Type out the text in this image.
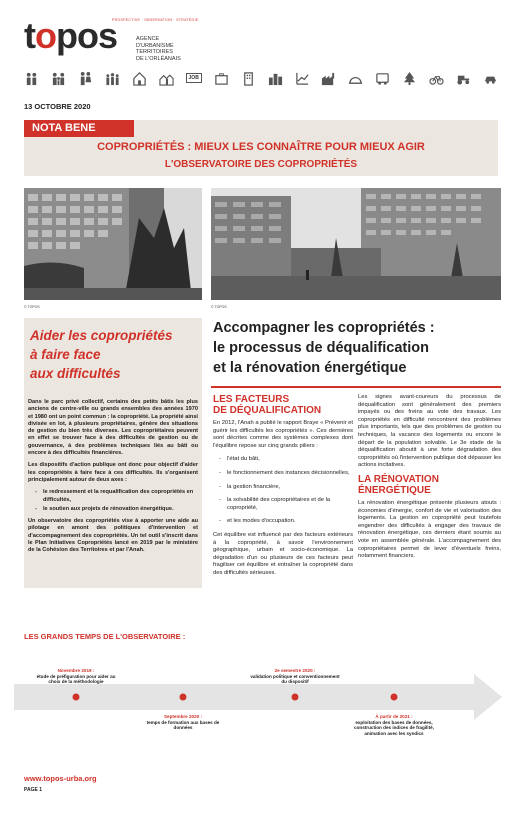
topos
PROSPECTIVE · OBSERVATION · STRATÉGIE
AGENCE
D'URBANISME
TERRITOIRES
DE L'ORLÉANAIS
JOB
13 OCTOBRE 2020
NOTA BENE
COPROPRIÉTÉS : MIEUX LES CONNAÎTRE POUR MIEUX AGIR
L'OBSERVATOIRE DES COPROPRIÉTÉS
© TOPOS	© TOPOS
Aider les copropriétés
à faire face
aux difficultés

Dans le parc privé collectif, certains des petits bâtis les plus anciens de centre-ville ou grands ensembles des années 1970 et 1980 ont un point commun : la copropriété. La propriété ainsi divisée en lot, à plusieurs propriétaires, génère des situations de gestion du bien très diverses. Les copropriétaires peuvent en effet se trouver face à des difficultés de gestion ou de gouvernance, à des problèmes techniques liés au bâti ou encore à des difficultés financières.

Les dispositifs d'action publique ont donc pour objectif d'aider les copropriétés à faire face à ces difficultés. Ils s'organisent principalement autour de deux axes :

- le redressement et la requalification des copropriétés en difficultés,
- le soutien aux projets de rénovation énergétique.

Un observatoire des copropriétés vise à apporter une aide au pilotage en amont des politiques d'intervention et d'accompagnement des copropriétés. Un tel outil s'inscrit dans le Plan Initiatives Copropriétés lancé en 2019 par le ministère de la Cohésion des Territoires et par l'Anah.

Accompagner les copropriétés :
le processus de déqualification
et la rénovation énergétique
LES FACTEURS
DE DÉQUALIFICATION

En 2012, l'Anah a publié le rapport Braye « Prévenir et guérir les difficultés les copropriétés ». Ces dernières sont décrites comme des systèmes complexes dont l'équilibre repose sur cinq grands piliers :

- l'état du bâti,
- le fonctionnement des instances décisionnelles,
- la gestion financière,
- la solvabilité des copropriétaires et de la copropriété,
- et les modes d'occupation.

Cet équilibre est influencé par des facteurs extérieurs à la copropriété, à savoir l'environnement géographique, urbain et socio-économique. La dégradation d'un ou plusieurs de ces facteurs peut fragiliser cet équilibre et entraîner la copropriété dans des difficultés sérieuses.

Les signes avant-coureurs du processus de déqualification sont généralement des premiers impayés ou des freins au vote des travaux. Les copropriétés en difficulté rencontrent des problèmes plus importants, tels que des problèmes de gestion ou techniques, la vacance des logements ou encore le départ de la population solvable. Le 3e stade de la déqualification aboutit à une forte dégradation des copropriétés où l'intervention publique doit dépasser les actions incitatives.

LA RÉNOVATION
ÉNERGÉTIQUE

La rénovation énergétique présente plusieurs atouts : économies d'énergie, confort de vie et valorisation des logements. La gestion en copropriété peut toutefois engendrer des difficultés à engager des travaux de rénovation énergétique, ces derniers étant soumis au vote en assemblée générale. L'accompagnement des copropriétaires permet de lever d'éventuels freins, notamment financiers.

LES GRANDS TEMPS DE L'OBSERVATOIRE :
Novembre 2019 :
étude de préfiguration pour aider au choix de la méthodologie
Septembre 2020 :
temps de formation aux bases de données
2e semestre 2020 :
validation politique et conventionnement du dispositif
À partir de 2021 :
exploitation des bases de données, construction des indices de fragilité, animation avec les syndics
www.topos-urba.org
PAGE 1
